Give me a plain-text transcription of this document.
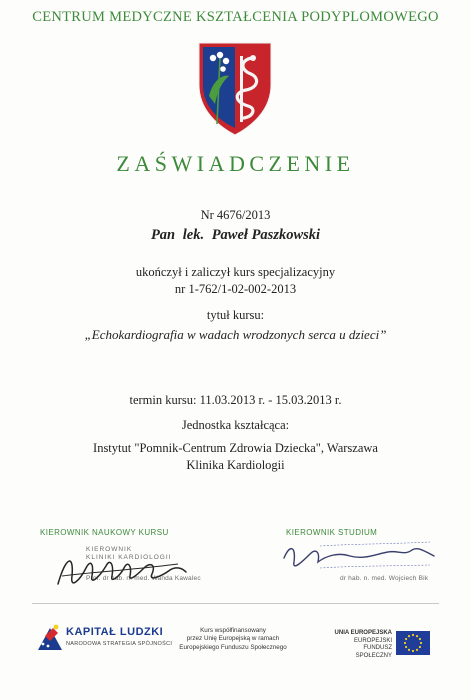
CENTRUM MEDYCZNE KSZTAŁCENIA PODYPLOMOWEGO
ZAŚWIADCZENIE
Nr 4676/2013
Pan lek. Paweł Paszkowski
ukończył i zaliczył kurs specjalizacyjny
nr 1-762/1-02-002-2013
tytuł kursu:
„Echokardiografia w wadach wrodzonych serca u dzieci”
termin kursu: 11.03.2013 r. - 15.03.2013 r.
Jednostka kształcąca:
Instytut "Pomnik-Centrum Zdrowia Dziecka", Warszawa
Klinika Kardiologii
KIEROWNIK NAUKOWY KURSU
KIEROWNIK
KLINIKI KARDIOLOGII
Prof. dr hab. n. med. Wanda Kawalec
KIEROWNIK STUDIUM
dr hab. n. med. Wojciech Bik
KAPITAŁ LUDZKI
NARODOWA STRATEGIA SPÓJNOŚCI
Kurs współfinansowany
przez Unię Europejską w ramach
Europejskiego Funduszu Społecznego
UNIA EUROPEJSKA
EUROPEJSKI
FUNDUSZ SPOŁECZNY
